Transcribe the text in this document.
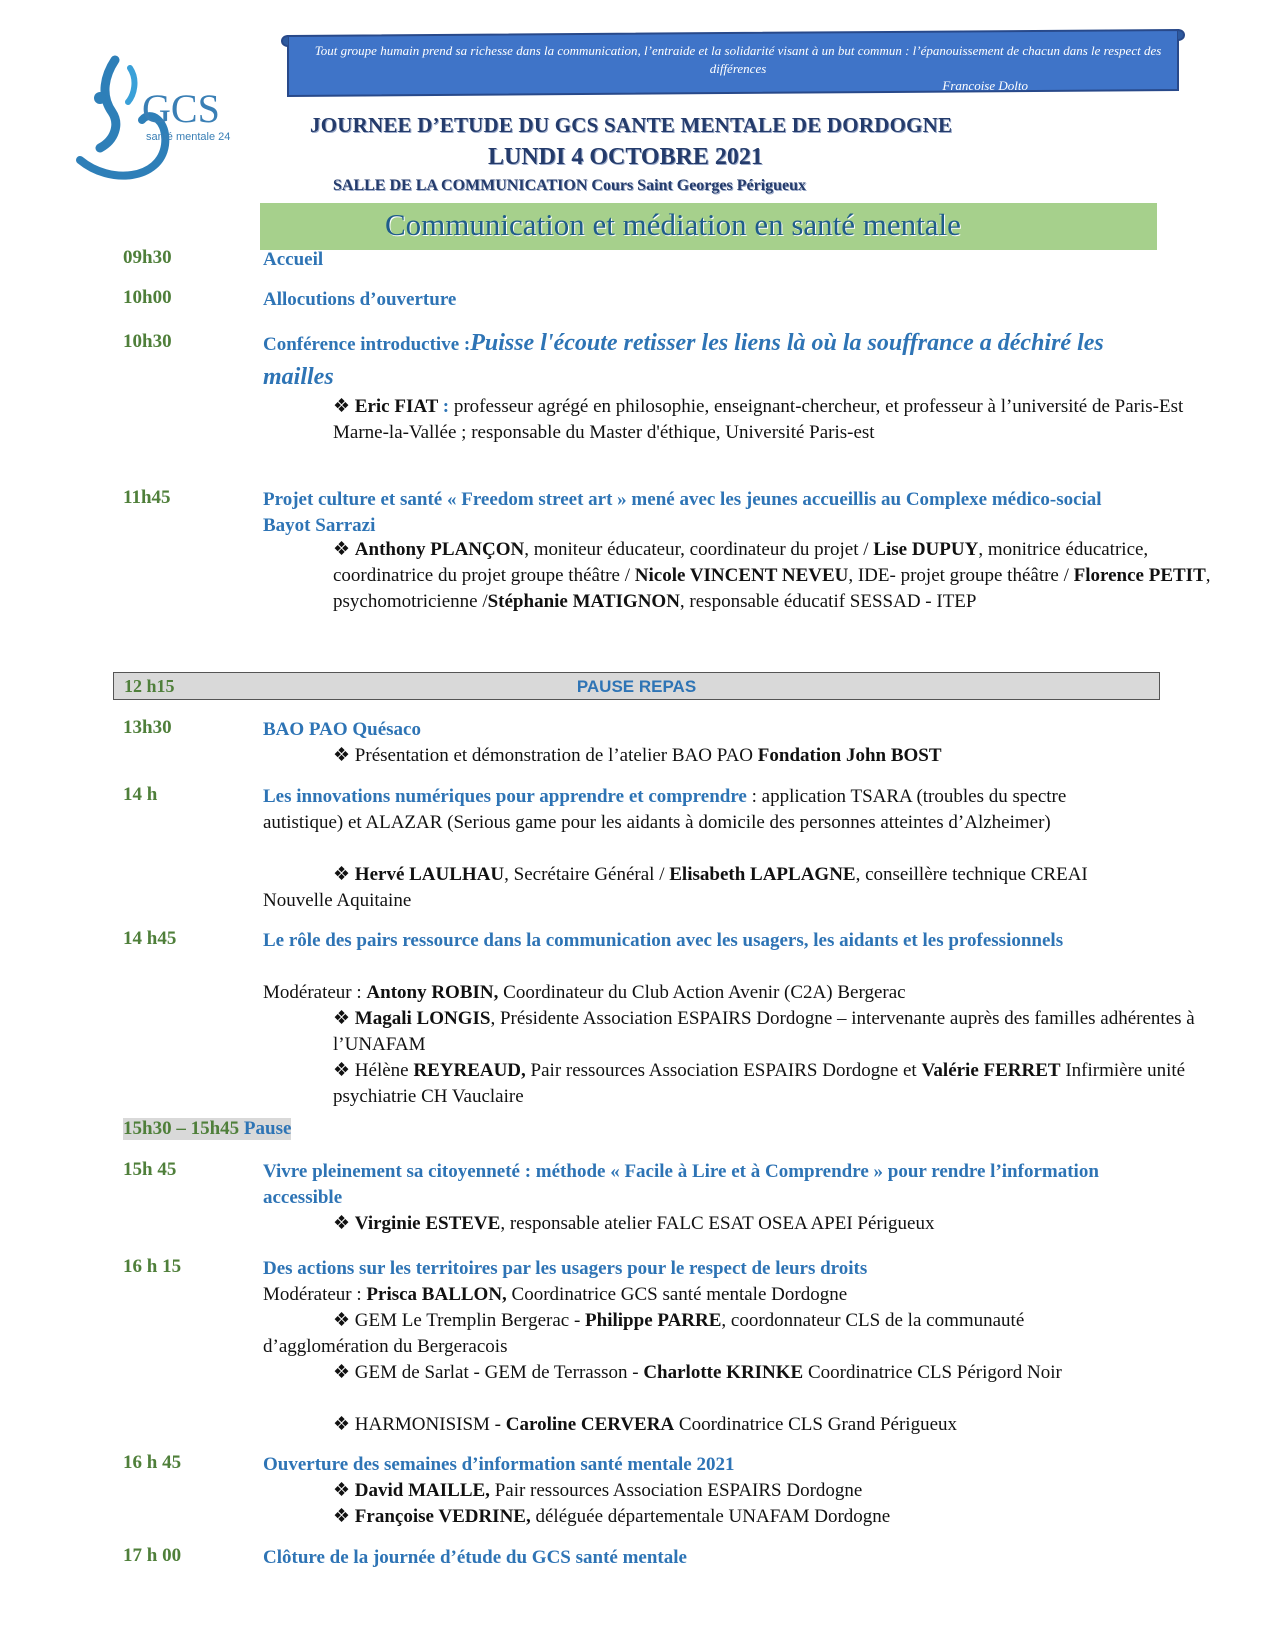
GCS
santé mentale 24
Tout groupe humain prend sa richesse dans la communication, l’entraide et la solidarité visant à un but commun : l’épanouissement de chacun dans le respect des différences
Francoise Dolto
JOURNEE D’ETUDE DU GCS SANTE MENTALE DE DORDOGNE
LUNDI 4 OCTOBRE 2021
SALLE DE LA COMMUNICATION Cours Saint Georges Périgueux
Communication et médiation en santé mentale
09h30	Accueil
10h00	Allocutions d’ouverture
10h30	Conférence introductive :Puisse l'écoute retisser les liens là où la souffrance a déchiré les mailles
❖ Eric FIAT : professeur agrégé en philosophie, enseignant-chercheur, et professeur à l’université de Paris-Est Marne-la-Vallée ; responsable du Master d'éthique, Université Paris-est
11h45	Projet culture et santé « Freedom street art » mené avec les jeunes accueillis au Complexe médico-social Bayot Sarrazi
❖ Anthony PLANÇON, moniteur éducateur, coordinateur du projet / Lise DUPUY, monitrice éducatrice, coordinatrice du projet groupe théâtre / Nicole VINCENT NEVEU, IDE- projet groupe théâtre / Florence PETIT, psychomotricienne /Stéphanie MATIGNON, responsable éducatif SESSAD - ITEP
12 h15	PAUSE REPAS
13h30	BAO PAO Quésaco
❖ Présentation et démonstration de l’atelier BAO PAO Fondation John BOST
14 h	Les innovations numériques pour apprendre et comprendre : application TSARA (troubles du spectre autistique) et ALAZAR (Serious game pour les aidants à domicile des personnes atteintes d’Alzheimer)
❖ Hervé LAULHAU, Secrétaire Général / Elisabeth LAPLAGNE, conseillère technique CREAI Nouvelle Aquitaine
14 h45	Le rôle des pairs ressource dans la communication avec les usagers, les aidants et les professionnels
Modérateur : Antony ROBIN, Coordinateur du Club Action Avenir (C2A) Bergerac
❖ Magali LONGIS, Présidente Association ESPAIRS Dordogne – intervenante auprès des familles adhérentes à l’UNAFAM
❖ Hélène REYREAUD, Pair ressources Association ESPAIRS Dordogne et Valérie FERRET Infirmière unité psychiatrie CH Vauclaire
15h30 – 15h45 Pause
15h 45	Vivre pleinement sa citoyenneté : méthode « Facile à Lire et à Comprendre » pour rendre l’information accessible
❖ Virginie ESTEVE, responsable atelier FALC ESAT OSEA APEI Périgueux
16 h 15	Des actions sur les territoires par les usagers pour le respect de leurs droits
Modérateur : Prisca BALLON, Coordinatrice GCS santé mentale Dordogne
❖ GEM Le Tremplin Bergerac - Philippe PARRE, coordonnateur CLS de la communauté d’agglomération du Bergeracois
❖ GEM de Sarlat - GEM de Terrasson - Charlotte KRINKE Coordinatrice CLS Périgord Noir
❖ HARMONISISM - Caroline CERVERA Coordinatrice CLS Grand Périgueux
16 h 45	Ouverture des semaines d’information santé mentale 2021
❖ David MAILLE, Pair ressources Association ESPAIRS Dordogne
❖ Françoise VEDRINE, déléguée départementale UNAFAM Dordogne
17 h 00	Clôture de la journée d’étude du GCS santé mentale
